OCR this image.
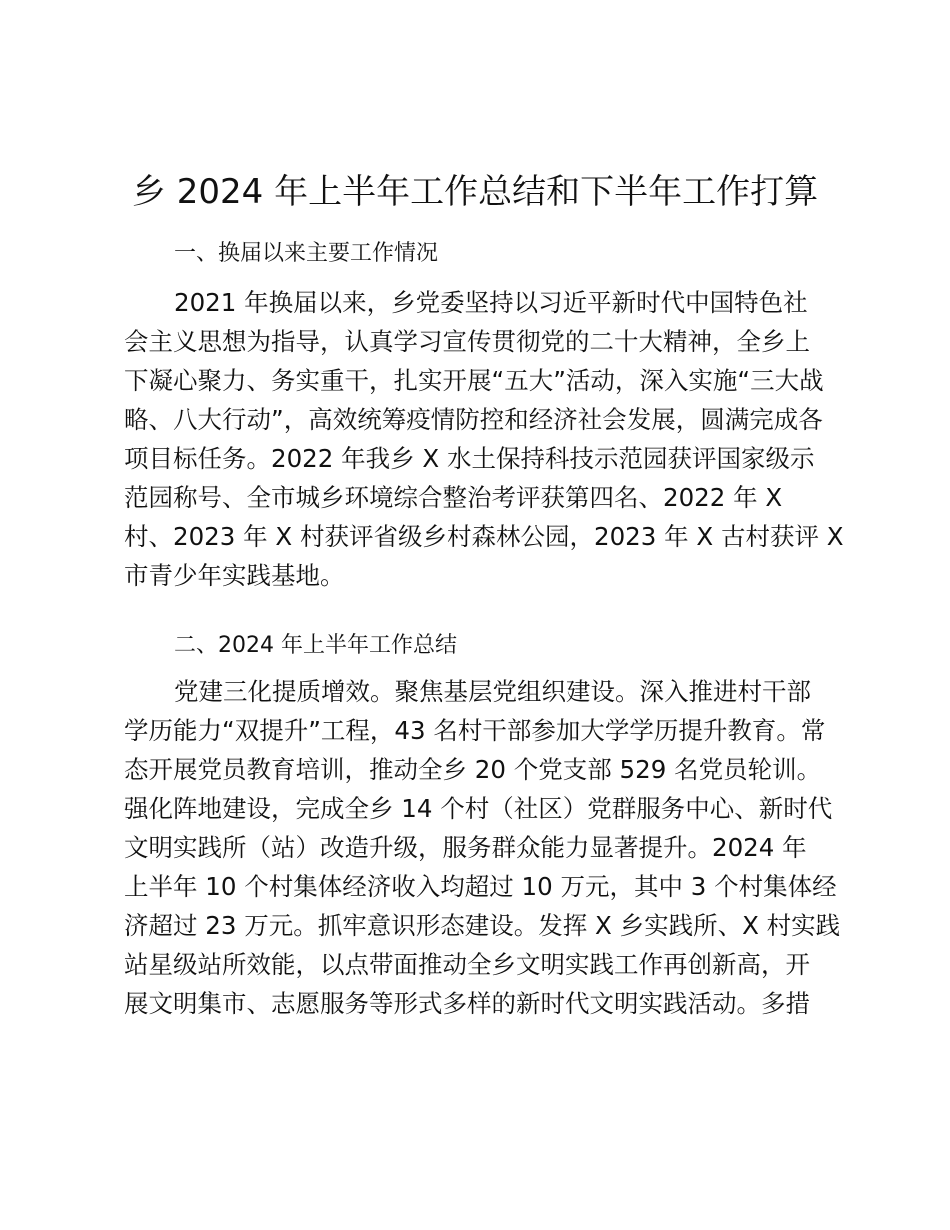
乡 2024 年上半年工作总结和下半年工作打算
一、换届以来主要工作情况
2021 年换届以来，乡党委坚持以习近平新时代中国特色社
会主义思想为指导，认真学习宣传贯彻党的二十大精神，全乡上
下凝心聚力、务实重干，扎实开展“五大”活动，深入实施“三大战
略、八大行动”，高效统筹疫情防控和经济社会发展，圆满完成各
项目标任务。2022 年我乡 X 水土保持科技示范园获评国家级示
范园称号、全市城乡环境综合整治考评获第四名、2022 年 X
村、2023 年 X 村获评省级乡村森林公园，2023 年 X 古村获评 X
市青少年实践基地。
二、2024 年上半年工作总结
党建三化提质增效。聚焦基层党组织建设。深入推进村干部
学历能力“双提升”工程，43 名村干部参加大学学历提升教育。常
态开展党员教育培训，推动全乡 20 个党支部 529 名党员轮训。
强化阵地建设，完成全乡 14 个村（社区）党群服务中心、新时代
文明实践所（站）改造升级，服务群众能力显著提升。2024 年
上半年 10 个村集体经济收入均超过 10 万元，其中 3 个村集体经
济超过 23 万元。抓牢意识形态建设。发挥 X 乡实践所、X 村实践
站星级站所效能，以点带面推动全乡文明实践工作再创新高，开
展文明集市、志愿服务等形式多样的新时代文明实践活动。多措
